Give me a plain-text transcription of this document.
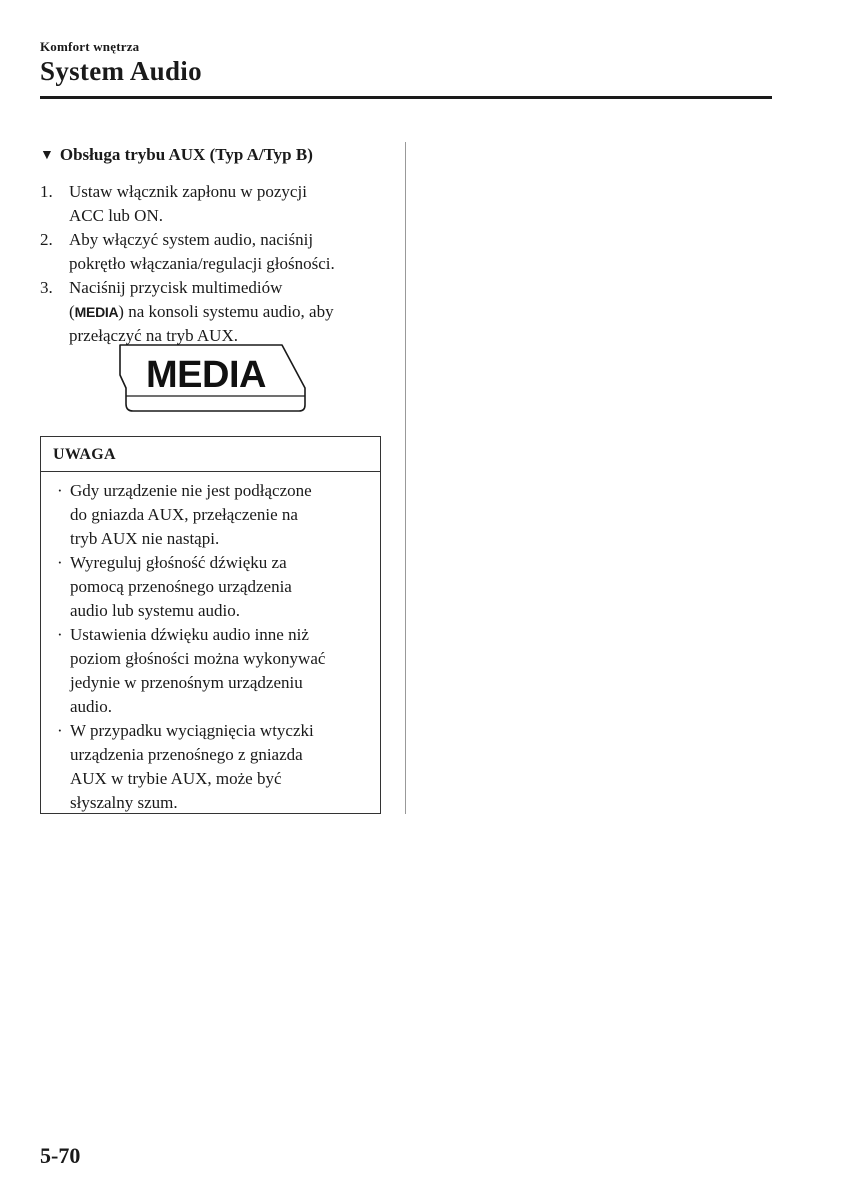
Komfort wnętrza
System Audio
▼ Obsługa trybu AUX (Typ A/Typ B)
1. Ustaw włącznik zapłonu w pozycji
ACC lub ON.
2. Aby włączyć system audio, naciśnij
pokrętło włączania/regulacji głośności.
3. Naciśnij przycisk multimediów
(MEDIA) na konsoli systemu audio, aby
przełączyć na tryb AUX.
MEDIA
UWAGA
· Gdy urządzenie nie jest podłączone
do gniazda AUX, przełączenie na
tryb AUX nie nastąpi.
· Wyreguluj głośność dźwięku za
pomocą przenośnego urządzenia
audio lub systemu audio.
· Ustawienia dźwięku audio inne niż
poziom głośności można wykonywać
jedynie w przenośnym urządzeniu
audio.
· W przypadku wyciągnięcia wtyczki
urządzenia przenośnego z gniazda
AUX w trybie AUX, może być
słyszalny szum.
5-70
